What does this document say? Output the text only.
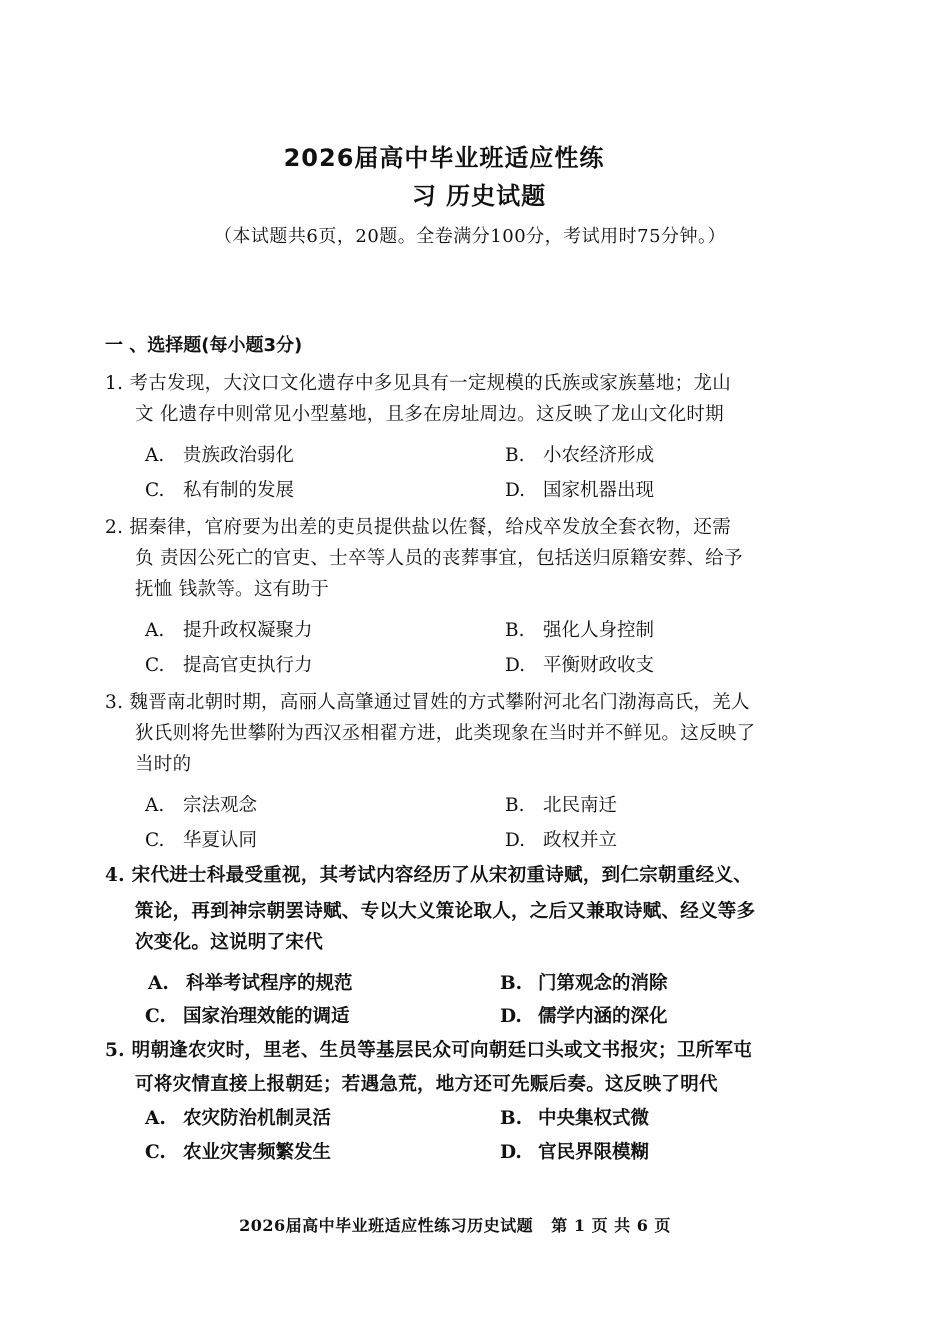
2026届高中毕业班适应性练
习 历史试题
（本试题共6页，20题。全卷满分100分，考试用时75分钟。）
一 、选择题(每小题3分)
1. 考古发现，大汶口文化遗存中多见具有一定规模的氏族或家族墓地；龙山
文 化遗存中则常见小型墓地，且多在房址周边。这反映了龙山文化时期
A. 贵族政治弱化	B. 小农经济形成
C. 私有制的发展	D. 国家机器出现
2. 据秦律，官府要为出差的吏员提供盐以佐餐，给戍卒发放全套衣物，还需
负 责因公死亡的官吏、士卒等人员的丧葬事宜，包括送归原籍安葬、给予
抚恤 钱款等。这有助于
A. 提升政权凝聚力	B. 强化人身控制
C. 提高官吏执行力	D. 平衡财政收支
3. 魏晋南北朝时期，高丽人高肇通过冒姓的方式攀附河北名门渤海高氏，羌人
狄氏则将先世攀附为西汉丞相翟方进，此类现象在当时并不鲜见。这反映了
当时的
A. 宗法观念	B. 北民南迁
C. 华夏认同	D. 政权并立
4. 宋代进士科最受重视，其考试内容经历了从宋初重诗赋，到仁宗朝重经义、
策论，再到神宗朝罢诗赋、专以大义策论取人，之后又兼取诗赋、经义等多
次变化。这说明了宋代
A. 科举考试程序的规范	B. 门第观念的消除
C. 国家治理效能的调适	D. 儒学内涵的深化
5. 明朝逢农灾时，里老、生员等基层民众可向朝廷口头或文书报灾；卫所军屯
可将灾情直接上报朝廷；若遇急荒，地方还可先赈后奏。这反映了明代
A. 农灾防治机制灵活	B. 中央集权式微
C. 农业灾害频繁发生	D. 官民界限模糊
2026届高中毕业班适应性练习历史试题   第 1 页 共 6 页
